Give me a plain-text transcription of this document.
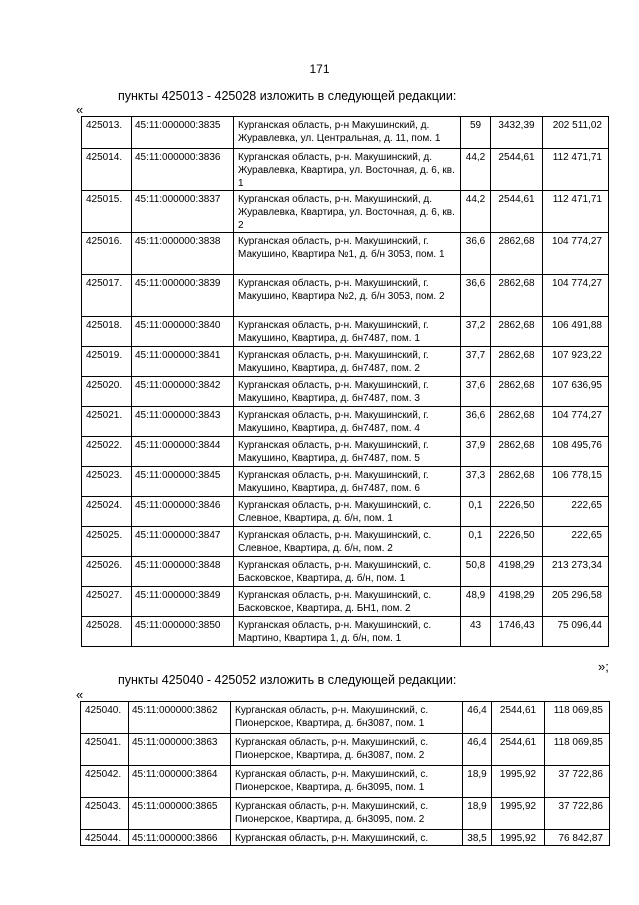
171
пункты 425013 - 425028 изложить в следующей редакции:
«
425013.	45:11:000000:3835	Курганская область, р-н Макушинский, д. Журавлевка, ул. Центральная, д. 11, пом. 1	59	3432,39	202 511,02
425014.	45:11:000000:3836	Курганская область, р-н. Макушинский, д. Журавлевка, Квартира, ул. Восточная, д. 6, кв. 1	44,2	2544,61	112 471,71
425015.	45:11:000000:3837	Курганская область, р-н. Макушинский, д. Журавлевка, Квартира, ул. Восточная, д. 6, кв. 2	44,2	2544,61	112 471,71
425016.	45:11:000000:3838	Курганская область, р-н. Макушинский, г. Макушино, Квартира №1, д. б/н 3053, пом. 1	36,6	2862,68	104 774,27
425017.	45:11:000000:3839	Курганская область, р-н. Макушинский, г. Макушино, Квартира №2, д. б/н 3053, пом. 2	36,6	2862,68	104 774,27
425018.	45:11:000000:3840	Курганская область, р-н. Макушинский, г. Макушино, Квартира, д. бн7487, пом. 1	37,2	2862,68	106 491,88
425019.	45:11:000000:3841	Курганская область, р-н. Макушинский, г. Макушино, Квартира, д. бн7487, пом. 2	37,7	2862,68	107 923,22
425020.	45:11:000000:3842	Курганская область, р-н. Макушинский, г. Макушино, Квартира, д. бн7487, пом. 3	37,6	2862,68	107 636,95
425021.	45:11:000000:3843	Курганская область, р-н. Макушинский, г. Макушино, Квартира, д. бн7487, пом. 4	36,6	2862,68	104 774,27
425022.	45:11:000000:3844	Курганская область, р-н. Макушинский, г. Макушино, Квартира, д. бн7487, пом. 5	37,9	2862,68	108 495,76
425023.	45:11:000000:3845	Курганская область, р-н. Макушинский, г. Макушино, Квартира, д. бн7487, пом. 6	37,3	2862,68	106 778,15
425024.	45:11:000000:3846	Курганская область, р-н. Макушинский, с. Слевное, Квартира, д. б/н, пом. 1	0,1	2226,50	222,65
425025.	45:11:000000:3847	Курганская область, р-н. Макушинский, с. Слевное, Квартира, д. б/н, пом. 2	0,1	2226,50	222,65
425026.	45:11:000000:3848	Курганская область, р-н. Макушинский, с. Басковское, Квартира, д. б/н, пом. 1	50,8	4198,29	213 273,34
425027.	45:11:000000:3849	Курганская область, р-н. Макушинский, с. Басковское, Квартира, д. БН1, пом. 2	48,9	4198,29	205 296,58
425028.	45:11:000000:3850	Курганская область, р-н. Макушинский, с. Мартино, Квартира 1, д. б/н, пом. 1	43	1746,43	75 096,44
»;
пункты 425040 - 425052 изложить в следующей редакции:
«
425040.	45:11:000000:3862	Курганская область, р-н. Макушинский, с. Пионерское, Квартира, д. бн3087, пом. 1	46,4	2544,61	118 069,85
425041.	45:11:000000:3863	Курганская область, р-н. Макушинский, с. Пионерское, Квартира, д. бн3087, пом. 2	46,4	2544,61	118 069,85
425042.	45:11:000000:3864	Курганская область, р-н. Макушинский, с. Пионерское, Квартира, д. бн3095, пом. 1	18,9	1995,92	37 722,86
425043.	45:11:000000:3865	Курганская область, р-н. Макушинский, с. Пионерское, Квартира, д. бн3095, пом. 2	18,9	1995,92	37 722,86
425044.	45:11:000000:3866	Курганская область, р-н. Макушинский, с.	38,5	1995,92	76 842,87
